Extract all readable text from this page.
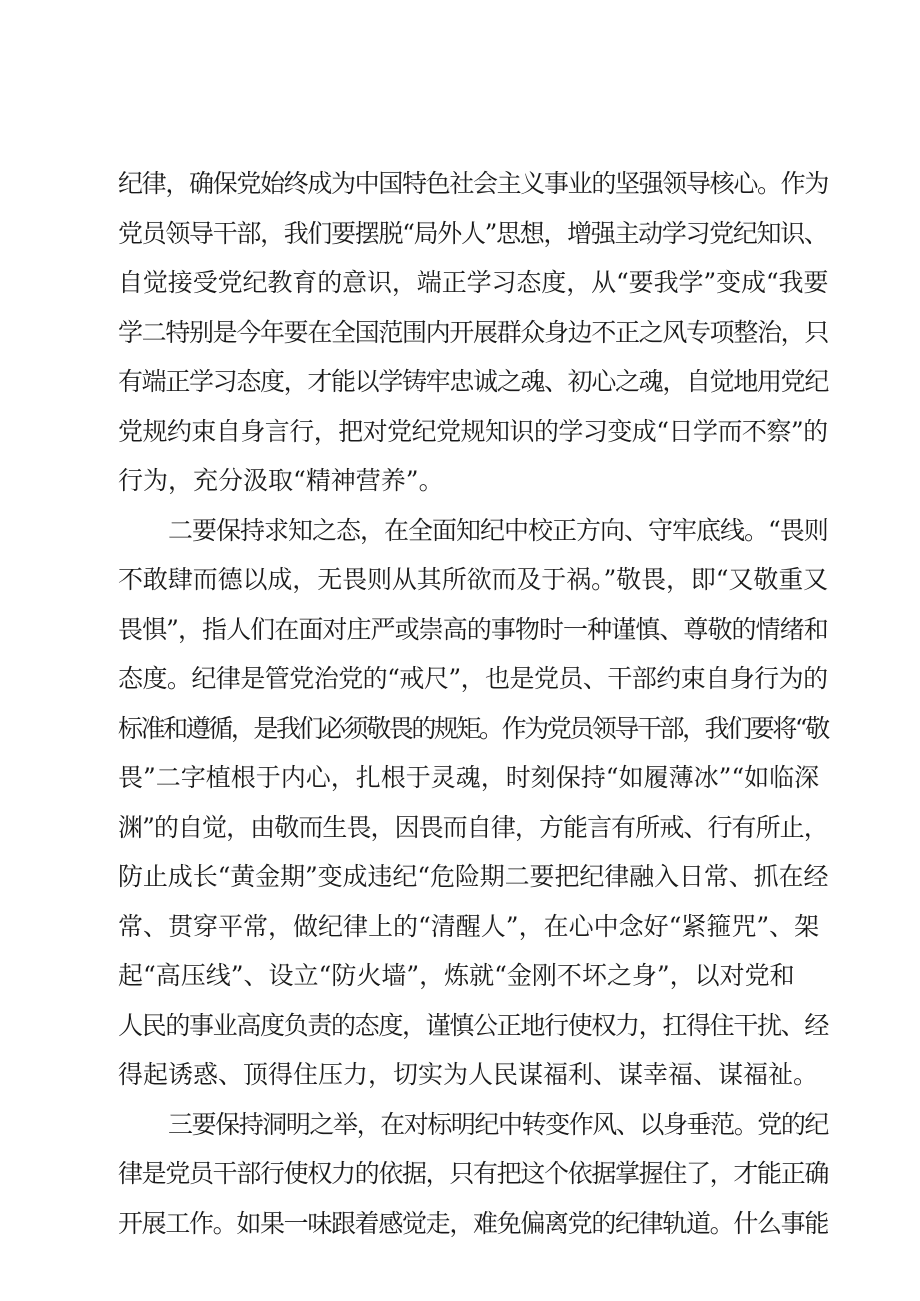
纪律，确保党始终成为中国特色社会主义事业的坚强领导核心。作为
党员领导干部，我们要摆脱“局外人”思想，增强主动学习党纪知识、
自觉接受党纪教育的意识，端正学习态度，从“要我学”变成“我要
学二特别是今年要在全国范围内开展群众身边不正之风专项整治，只
有端正学习态度，才能以学铸牢忠诚之魂、初心之魂，自觉地用党纪
党规约束自身言行，把对党纪党规知识的学习变成“日学而不察”的
行为，充分汲取“精神营养”。
二要保持求知之态，在全面知纪中校正方向、守牢底线。“畏则
不敢肆而德以成，无畏则从其所欲而及于祸。”敬畏，即“又敬重又
畏惧”，指人们在面对庄严或崇高的事物时一种谨慎、尊敬的情绪和
态度。纪律是管党治党的“戒尺”，也是党员、干部约束自身行为的
标准和遵循，是我们必须敬畏的规矩。作为党员领导干部，我们要将“敬
畏”二字植根于内心，扎根于灵魂，时刻保持“如履薄冰”“如临深
渊”的自觉，由敬而生畏，因畏而自律，方能言有所戒、行有所止，
防止成长“黄金期”变成违纪“危险期二要把纪律融入日常、抓在经
常、贯穿平常，做纪律上的“清醒人”，在心中念好“紧箍咒”、架
起“高压线”、设立“防火墙”，炼就“金刚不坏之身”，以对党和
人民的事业高度负责的态度，谨慎公正地行使权力，扛得住干扰、经
得起诱惑、顶得住压力，切实为人民谋福利、谋幸福、谋福祉。
三要保持洞明之举，在对标明纪中转变作风、以身垂范。党的纪
律是党员干部行使权力的依据，只有把这个依据掌握住了，才能正确
开展工作。如果一味跟着感觉走，难免偏离党的纪律轨道。什么事能
